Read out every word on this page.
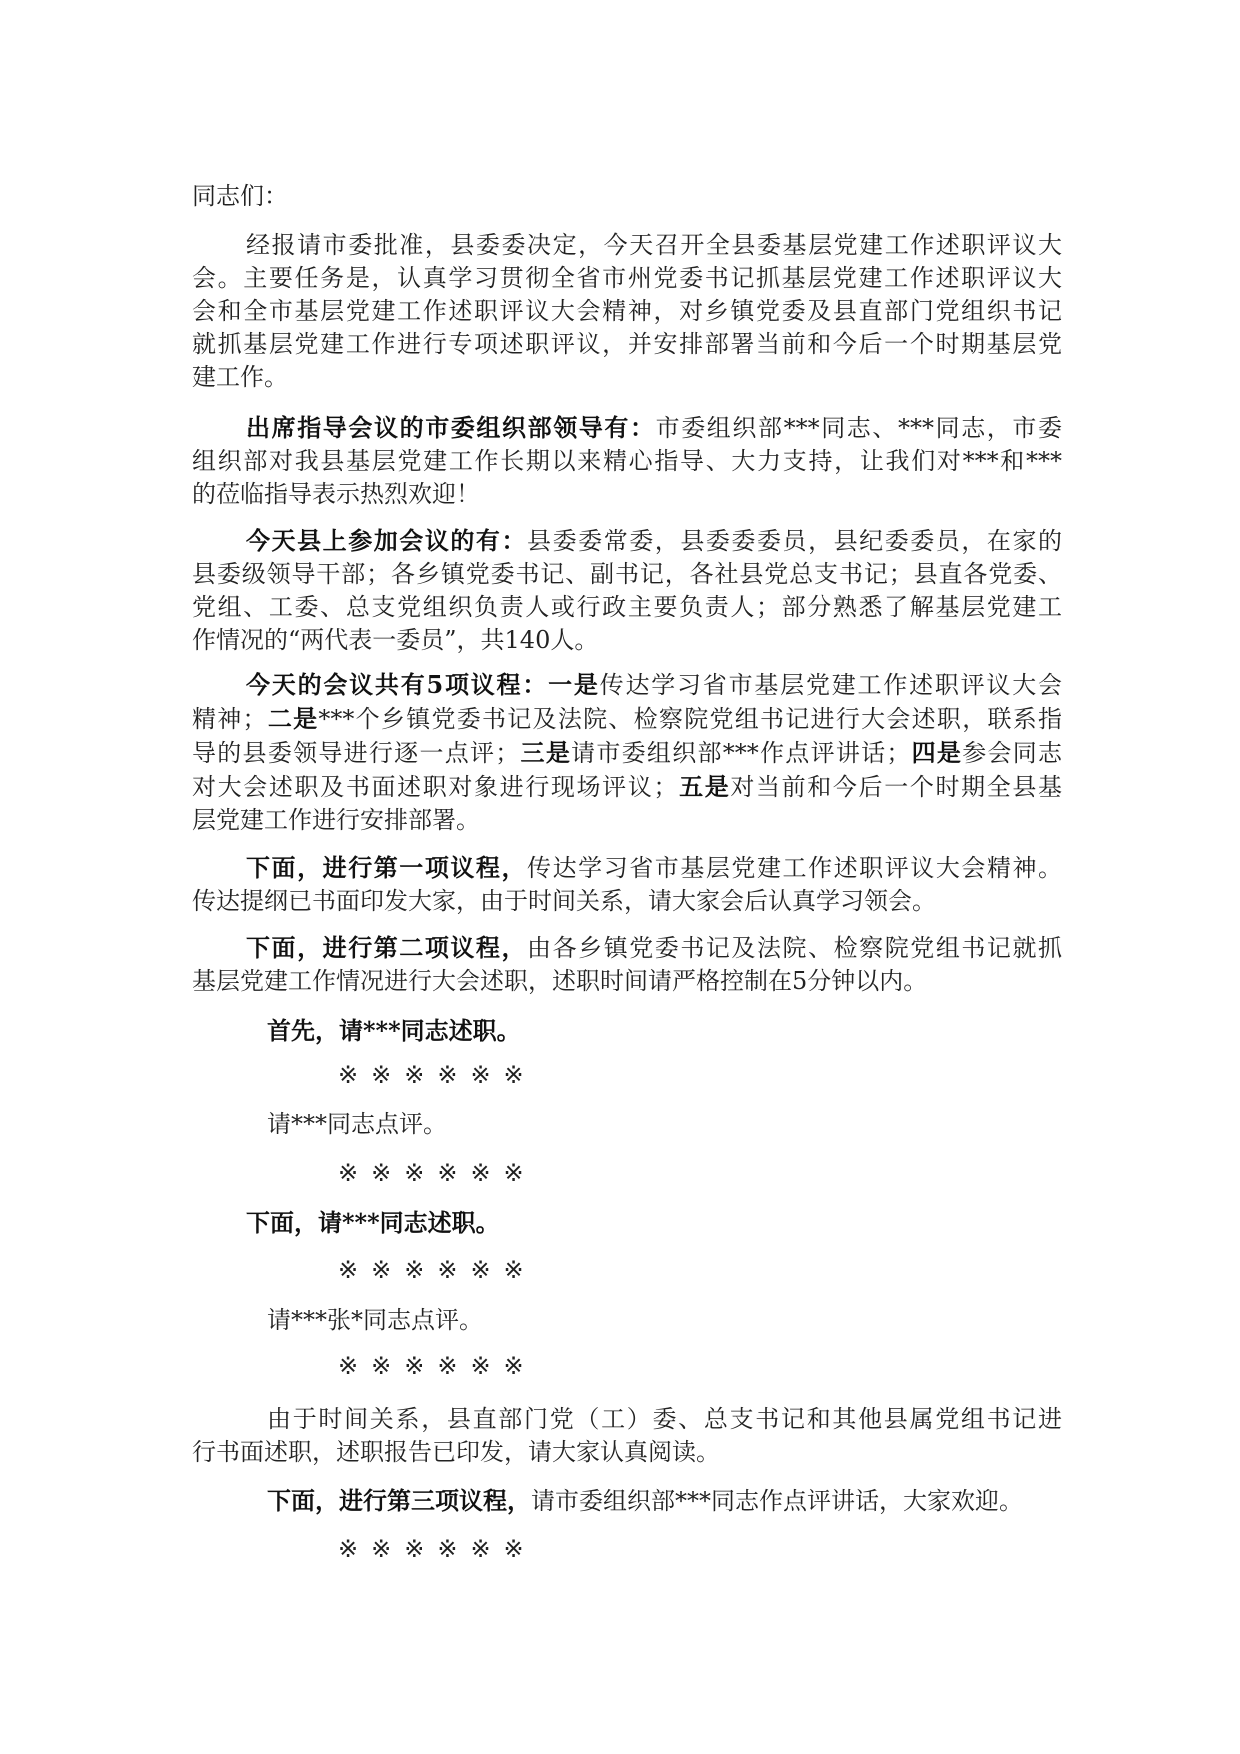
同志们：
经报请市委批准，县委委决定，今天召开全县委基层党建工作述职评议大
会。主要任务是，认真学习贯彻全省市州党委书记抓基层党建工作述职评议大
会和全市基层党建工作述职评议大会精神，对乡镇党委及县直部门党组织书记
就抓基层党建工作进行专项述职评议，并安排部署当前和今后一个时期基层党
建工作。
出席指导会议的市委组织部领导有：市委组织部***同志、***同志，市委
组织部对我县基层党建工作长期以来精心指导、大力支持，让我们对***和***
的莅临指导表示热烈欢迎！
今天县上参加会议的有：县委委常委，县委委委员，县纪委委员，在家的
县委级领导干部；各乡镇党委书记、副书记，各社县党总支书记；县直各党委、
党组、工委、总支党组织负责人或行政主要负责人；部分熟悉了解基层党建工
作情况的“两代表一委员”，共140人。
今天的会议共有5项议程：一是传达学习省市基层党建工作述职评议大会
精神；二是***个乡镇党委书记及法院、检察院党组书记进行大会述职，联系指
导的县委领导进行逐一点评；三是请市委组织部***作点评讲话；四是参会同志
对大会述职及书面述职对象进行现场评议；五是对当前和今后一个时期全县基
层党建工作进行安排部署。
下面，进行第一项议程，传达学习省市基层党建工作述职评议大会精神。
传达提纲已书面印发大家，由于时间关系，请大家会后认真学习领会。
下面，进行第二项议程，由各乡镇党委书记及法院、检察院党组书记就抓
基层党建工作情况进行大会述职，述职时间请严格控制在5分钟以内。
首先，请***同志述职。
※※※※※※
请***同志点评。
※※※※※※
下面，请***同志述职。
※※※※※※
请***张*同志点评。
※※※※※※
由于时间关系，县直部门党（工）委、总支书记和其他县属党组书记进
行书面述职，述职报告已印发，请大家认真阅读。
下面，进行第三项议程，请市委组织部***同志作点评讲话，大家欢迎。
※※※※※※
